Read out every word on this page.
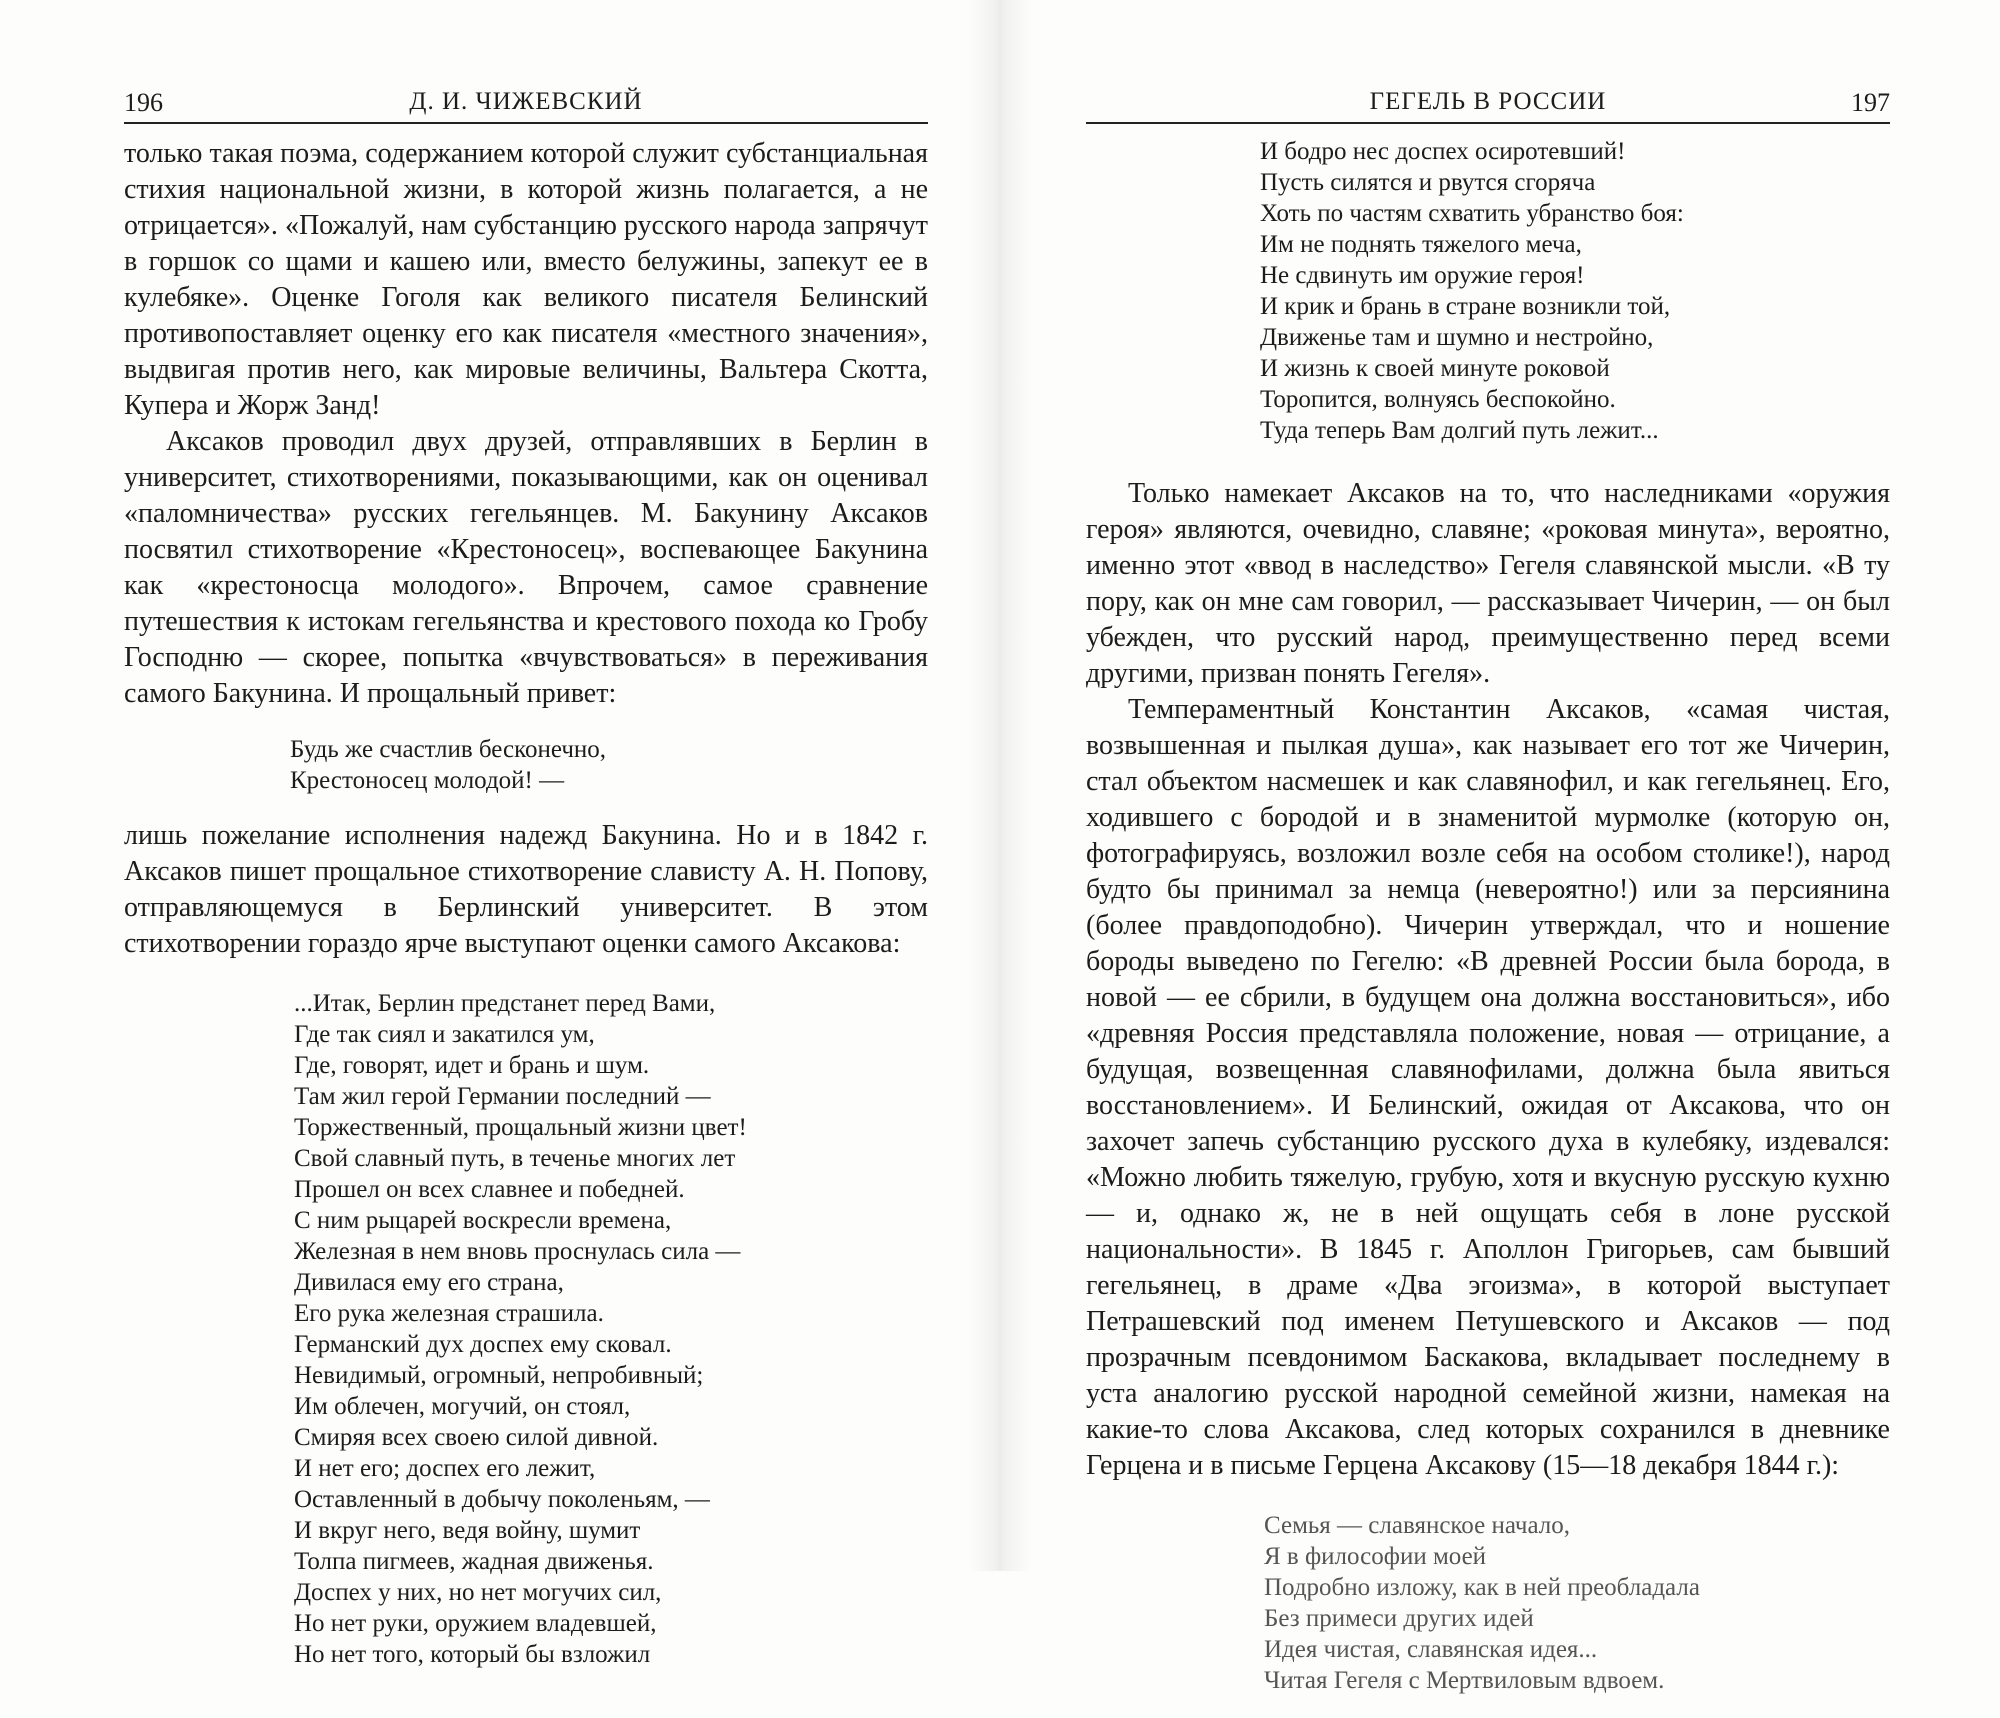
196	Д. И. ЧИЖЕВСКИЙ

только такая поэма, содержанием которой служит субстанциальная стихия национальной жизни, в которой жизнь полагается, а не отрицается». «Пожалуй, нам субстанцию русского народа запрячут в горшок со щами и кашею или, вместо белужины, запекут ее в кулебяке». Оценке Гоголя как великого писателя Белинский противопоставляет оценку его как писателя «местного значения», выдвигая против него, как мировые величины, Вальтера Скотта, Купера и Жорж Занд!

Аксаков проводил двух друзей, отправлявших в Берлин в университет, стихотворениями, показывающими, как он оценивал «паломничества» русских гегельянцев. М. Бакунину Аксаков посвятил стихотворение «Крестоносец», воспевающее Бакунина как «крестоносца молодого». Впрочем, самое сравнение путешествия к истокам гегельянства и крестового похода ко Гробу Господню — скорее, попытка «вчувствоваться» в переживания самого Бакунина. И прощальный привет:

Будь же счастлив бесконечно,
Крестоносец молодой! —

лишь пожелание исполнения надежд Бакунина. Но и в 1842 г. Аксаков пишет прощальное стихотворение слависту А. Н. Попову, отправляющемуся в Берлинский университет. В этом стихотворении гораздо ярче выступают оценки самого Аксакова:

...Итак, Берлин предстанет перед Вами,
Где так сиял и закатился ум,
Где, говорят, идет и брань и шум.
Там жил герой Германии последний —
Торжественный, прощальный жизни цвет!
Свой славный путь, в теченье многих лет
Прошел он всех славнее и победней.
С ним рыцарей воскресли времена,
Железная в нем вновь проснулась сила —
Дивилася ему его страна,
Его рука железная страшила.
Германский дух доспех ему сковал.
Невидимый, огромный, непробивный;
Им облечен, могучий, он стоял,
Смиряя всех своею силой дивной.
И нет его; доспех его лежит,
Оставленный в добычу поколеньям, —
И вкруг него, ведя войну, шумит
Толпа пигмеев, жадная движенья.
Доспех у них, но нет могучих сил,
Но нет руки, оружием владевшей,
Но нет того, который бы взложил
ГЕГЕЛЬ В РОССИИ	197
И бодро нес доспех осиротевший!
Пусть силятся и рвутся сгоряча
Хоть по частям схватить убранство боя:
Им не поднять тяжелого меча,
Не сдвинуть им оружие героя!
И крик и брань в стране возникли той,
Движенье там и шумно и нестройно,
И жизнь к своей минуте роковой
Торопится, волнуясь беспокойно.
Туда теперь Вам долгий путь лежит...

Только намекает Аксаков на то, что наследниками «оружия героя» являются, очевидно, славяне; «роковая минута», вероятно, именно этот «ввод в наследство» Гегеля славянской мысли. «В ту пору, как он мне сам говорил, — рассказывает Чичерин, — он был убежден, что русский народ, преимущественно перед всеми другими, призван понять Гегеля».

Темпераментный Константин Аксаков, «самая чистая, возвышенная и пылкая душа», как называет его тот же Чичерин, стал объектом насмешек и как славянофил, и как гегельянец. Его, ходившего с бородой и в знаменитой мурмолке (которую он, фотографируясь, возложил возле себя на особом столике!), народ будто бы принимал за немца (невероятно!) или за персиянина (более правдоподобно). Чичерин утверждал, что и ношение бороды выведено по Гегелю: «В древней России была борода, в новой — ее сбрили, в будущем она должна восстановиться», ибо «древняя Россия представляла положение, новая — отрицание, а будущая, возвещенная славянофилами, должна была явиться восстановлением». И Белинский, ожидая от Аксакова, что он захочет запечь субстанцию русского духа в кулебяку, издевался: «Можно любить тяжелую, грубую, хотя и вкусную русскую кухню — и, однако ж, не в ней ощущать себя в лоне русской национальности». В 1845 г. Аполлон Григорьев, сам бывший гегельянец, в драме «Два эгоизма», в которой выступает Петрашевский под именем Петушевского и Аксаков — под прозрачным псевдонимом Баскакова, вкладывает последнему в уста аналогию русской народной семейной жизни, намекая на какие-то слова Аксакова, след которых сохранился в дневнике Герцена и в письме Герцена Аксакову (15—18 декабря 1844 г.):

Семья — славянское начало,
Я в философии моей
Подробно изложу, как в ней преобладала
Без примеси других идей
Идея чистая, славянская идея...
Читая Гегеля с Мертвиловым вдвоем.
